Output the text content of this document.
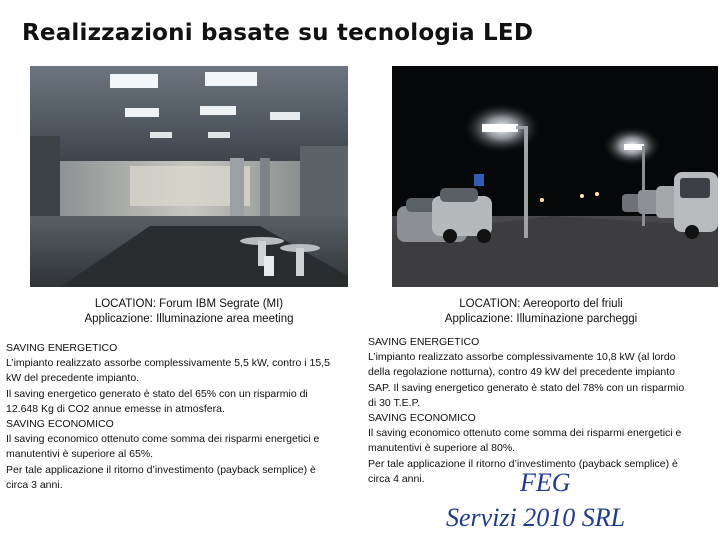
Realizzazioni basate su tecnologia LED
LOCATION: Forum IBM Segrate (MI)
Applicazione: Illuminazione area meeting
LOCATION: Aereoporto del friuli
Applicazione: Illuminazione parcheggi
SAVING ENERGETICO
L’impianto realizzato assorbe complessivamente 5,5 kW, contro i 15,5
kW del precedente impianto.
Il saving energetico generato è stato del 65% con un risparmio di
12.648 Kg di CO2 annue emesse in atmosfera.
SAVING ECONOMICO
Il saving economico ottenuto come somma dei risparmi energetici e
manutentivi è superiore al 65%.
Per tale applicazione il ritorno d’investimento (payback semplice) è
circa 3 anni.
SAVING ENERGETICO
L’impianto realizzato assorbe complessivamente 10,8 kW (al lordo
della regolazione notturna), contro 49 kW del precedente impianto
SAP. Il saving energetico generato è stato del 78% con un risparmio
di 30 T.E.P.
SAVING ECONOMICO
Il saving economico ottenuto come somma dei risparmi energetici e
manutentivi è superiore al 80%.
Per tale applicazione il ritorno d’investimento (payback semplice) è
circa 4 anni.	FEG
Servizi 2010 SRL
